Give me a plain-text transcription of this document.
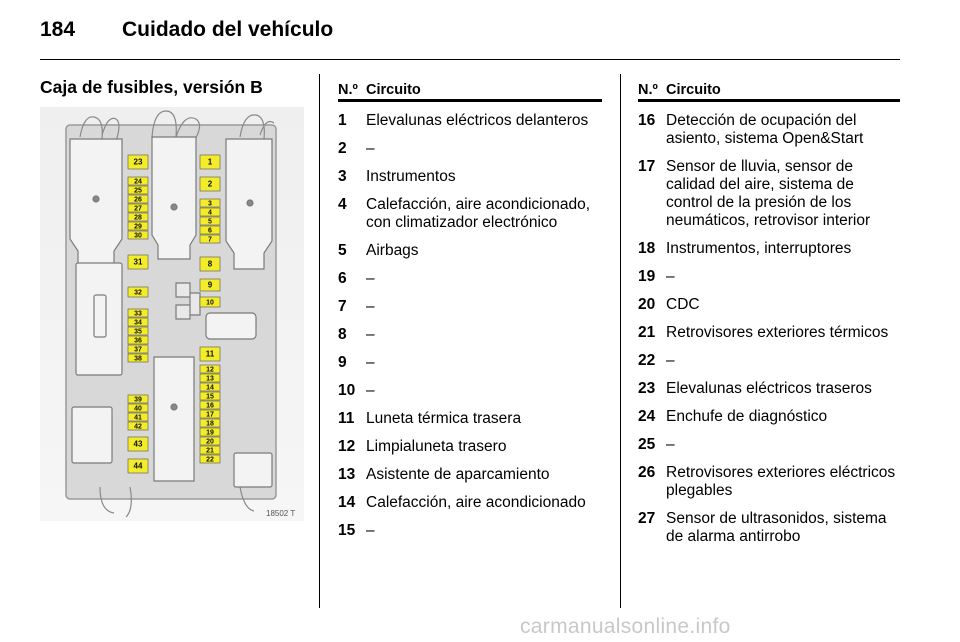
184 Cuidado del vehículo
Caja de fusibles, versión B
23
24
25
26
27
28
29
30
31
32
33
34
35
36
37
38
39
40
41
42
43
44
1
2
3
4
5
6
7
8
9
10
11
12
13
14
15
16
17
18
19
20
21
22
18502 T
N.º Circuito
1	Elevalunas eléctricos delanteros
2	–
3	Instrumentos
4	Calefacción, aire acondicionado, con climatizador electrónico
5	Airbags
6	–
7	–
8	–
9	–
10 –
11 Luneta térmica trasera
12 Limpialuneta trasero
13 Asistente de aparcamiento
14 Calefacción, aire acondicionado
15 –
N.º Circuito
16 Detección de ocupación del asiento, sistema Open&Start
17 Sensor de lluvia, sensor de calidad del aire, sistema de control de la presión de los neumáticos, retrovisor interior
18 Instrumentos, interruptores
19 –
20 CDC
21 Retrovisores exteriores térmicos
22 –
23 Elevalunas eléctricos traseros
24 Enchufe de diagnóstico
25 –
26 Retrovisores exteriores eléctricos plegables
27 Sensor de ultrasonidos, sistema de alarma antirrobo
carmanualsonline.info
